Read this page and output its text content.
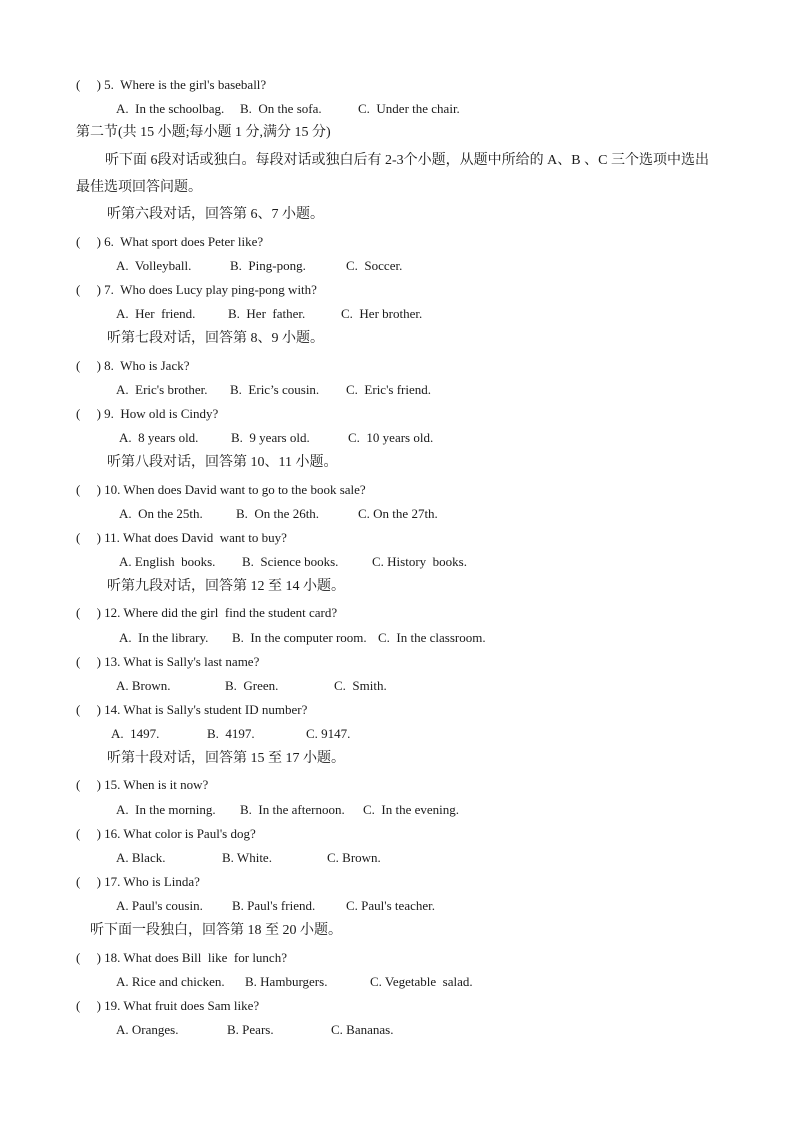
(     ) 5.  Where is the girl's baseball?
A.  In the schoolbag. B.  On the sofa.	C.  Under the chair.
第二节(共 15 小题;每小题 1 分,满分 15 分)
听下面 6段对话或独白。每段对话或独白后有 2-3个小题，从题中所给的 A、B 、C 三个选项中选出
最佳选项回答问题。
听第六段对话，回答第 6、7 小题。
(     ) 6.  What sport does Peter like?
A.  Volleyball.	B.  Ping-pong.	C.  Soccer.
(     ) 7.  Who does Lucy play ping-pong with?
A.  Her  friend.	B.  Her  father.	C.  Her brother.
听第七段对话，回答第 8、9 小题。
(     ) 8.  Who is Jack?
A.  Eric's brother. B.  Eric’s cousin. C.  Eric's friend.
(     ) 9.  How old is Cindy?
A.  8 years old.	B.  9 years old.	C.  10 years old.
听第八段对话，回答第 10、11 小题。
(     ) 10. When does David want to go to the book sale?
A.  On the 25th.	B.  On the 26th.	C. On the 27th.
(     ) 11. What does David  want to buy?
A. English  books. B.  Science books.	C. History  books.
听第九段对话，回答第 12 至 14 小题。
(     ) 12. Where did the girl  find the student card?
A.  In the library. B.  In the computer room. C.  In the classroom.
(     ) 13. What is Sally's last name?
A. Brown.	B.  Green.	C.  Smith.
(     ) 14. What is Sally's student ID number?
A.  1497.	B.  4197.	C. 9147.
听第十段对话，回答第 15 至 17 小题。
(     ) 15. When is it now?
A.  In the morning. B.  In the afternoon. C.  In the evening.
(     ) 16. What color is Paul's dog?
A. Black.	B. White.	C. Brown.
(     ) 17. Who is Linda?
A. Paul's cousin. B. Paul's friend. C. Paul's teacher.
听下面一段独白，回答第 18 至 20 小题。
(     ) 18. What does Bill  like  for lunch?
A. Rice and chicken. B. Hamburgers.	C. Vegetable  salad.
(     ) 19. What fruit does Sam like?
A. Oranges.	B. Pears.	C. Bananas.
